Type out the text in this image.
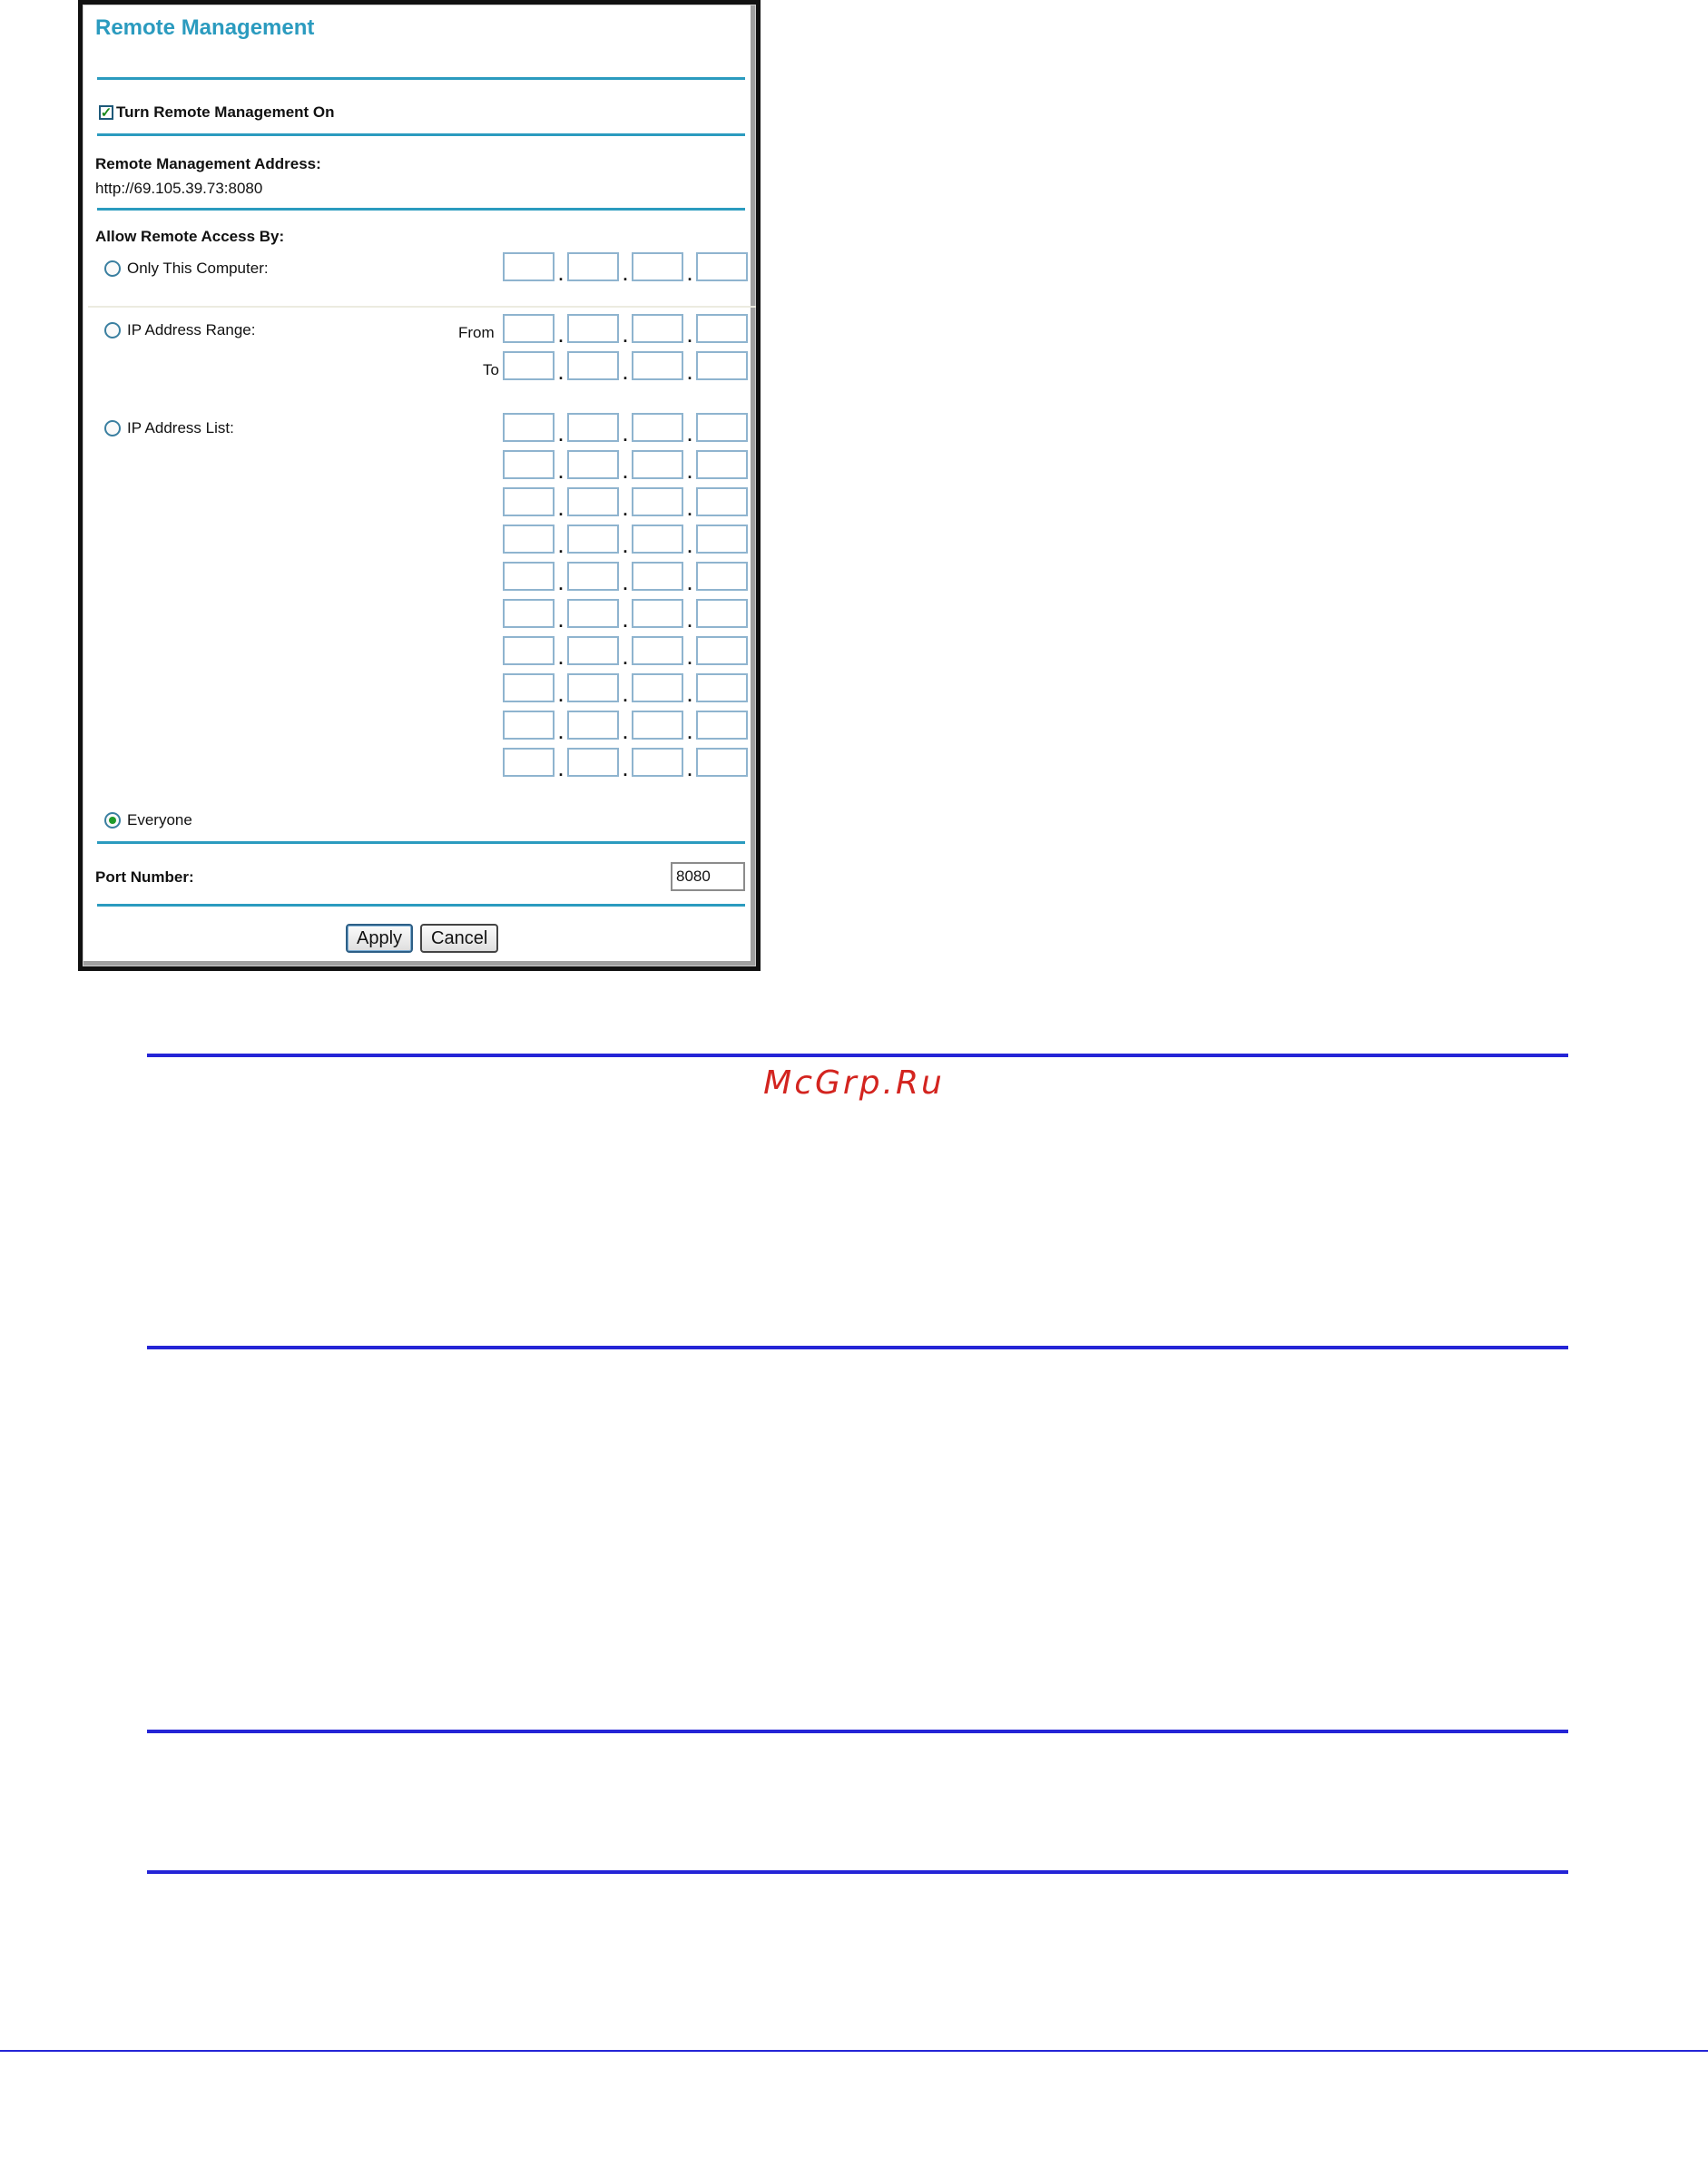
Remote Management
✓ Turn Remote Management On
Remote Management Address:
http://69.105.39.73:8080
Allow Remote Access By:
Only This Computer:	.	.	.
IP Address Range:	From	.	.	.
To	.	.	.
IP Address List:	.	.	.
.	.	.
.	.	.
.	.	.
.	.	.
.	.	.
.	.	.
.	.	.
.	.	.
.	.	.
Everyone
Port Number:
8080
Apply	Cancel
McGrp.Ru
